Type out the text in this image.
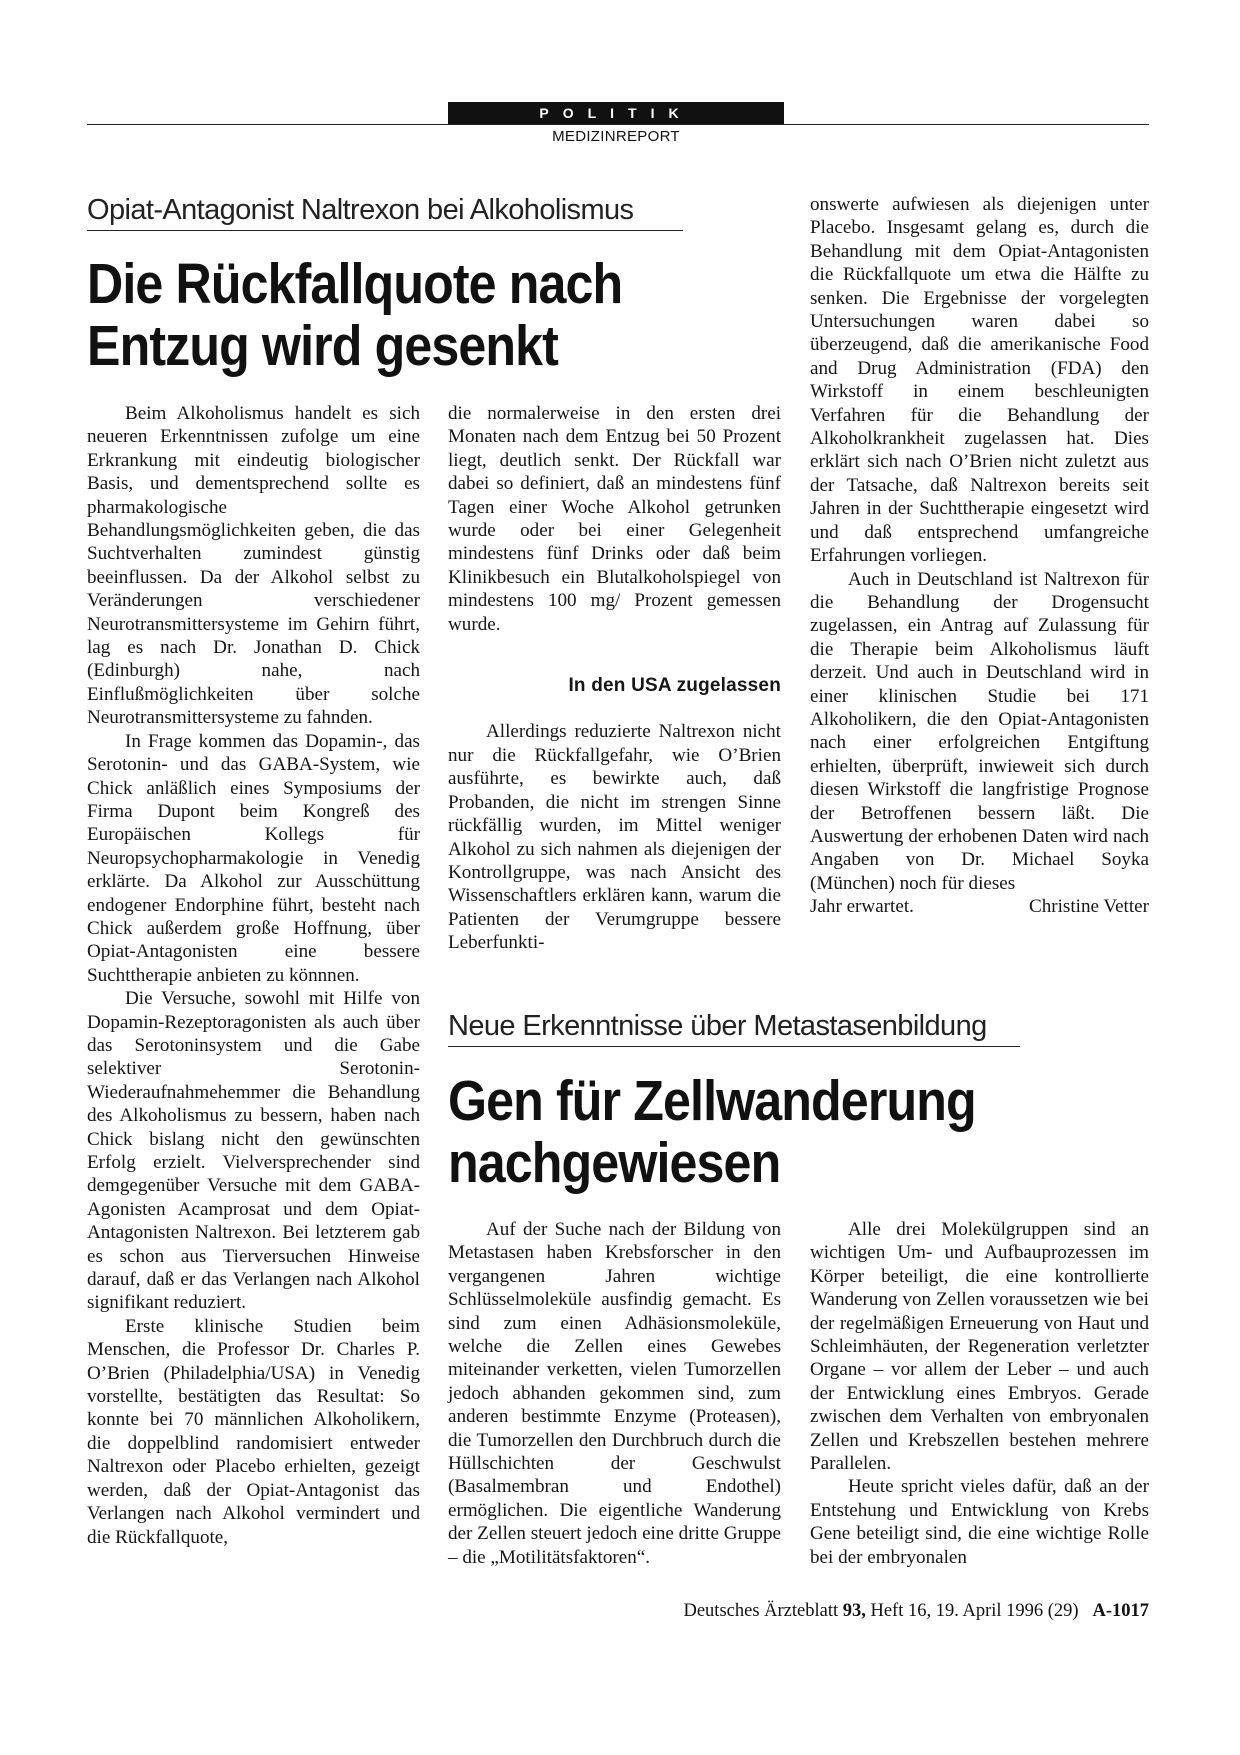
POLITIK
MEDIZINREPORT
Opiat-Antagonist Naltrexon bei Alkoholismus
Die Rückfallquote nach
Entzug wird gesenkt

Beim Alkoholismus handelt es sich neueren Erkenntnissen zufolge um eine Erkrankung mit eindeutig biologischer Basis, und dementsprechend sollte es pharmakologische Behandlungsmöglichkeiten geben, die das Suchtverhalten zumindest günstig beeinflussen. Da der Alkohol selbst zu Veränderungen verschiedener Neurotransmittersysteme im Gehirn führt, lag es nach Dr. Jonathan D. Chick (Edinburgh) nahe, nach Einflußmöglichkeiten über solche Neurotransmittersysteme zu fahnden.

In Frage kommen das Dopamin-, das Serotonin- und das GABA-System, wie Chick anläßlich eines Symposiums der Firma Dupont beim Kongreß des Europäischen Kollegs für Neuropsychopharmakologie in Venedig erklärte. Da Alkohol zur Ausschüttung endogener Endorphine führt, besteht nach Chick außerdem große Hoffnung, über Opiat-Antagonisten eine bessere Suchttherapie anbieten zu könnnen.

Die Versuche, sowohl mit Hilfe von Dopamin-Rezeptoragonisten als auch über das Serotoninsystem und die Gabe selektiver Serotonin-Wiederaufnahmehemmer die Behandlung des Alkoholismus zu bessern, haben nach Chick bislang nicht den gewünschten Erfolg erzielt. Vielversprechender sind demgegenüber Versuche mit dem GABA-Agonisten Acamprosat und dem Opiat-Antagonisten Naltrexon. Bei letzterem gab es schon aus Tierversuchen Hinweise darauf, daß er das Verlangen nach Alkohol signifikant reduziert.

Erste klinische Studien beim Menschen, die Professor Dr. Charles P. O’Brien (Philadelphia/USA) in Venedig vorstellte, bestätigten das Resultat: So konnte bei 70 männlichen Alkoholikern, die doppelblind randomisiert entweder Naltrexon oder Placebo erhielten, gezeigt werden, daß der Opiat-Antagonist das Verlangen nach Alkohol vermindert und die Rückfallquote,

die normalerweise in den ersten drei Monaten nach dem Entzug bei 50 Prozent liegt, deutlich senkt. Der Rückfall war dabei so definiert, daß an mindestens fünf Tagen einer Woche Alkohol getrunken wurde oder bei einer Gelegenheit mindestens fünf Drinks oder daß beim Klinikbesuch ein Blutalkoholspiegel von mindestens 100 mg/ Prozent gemessen wurde.

In den USA zugelassen

Allerdings reduzierte Naltrexon nicht nur die Rückfallgefahr, wie O’Brien ausführte, es bewirkte auch, daß Probanden, die nicht im strengen Sinne rückfällig wurden, im Mittel weniger Alkohol zu sich nahmen als diejenigen der Kontrollgruppe, was nach Ansicht des Wissenschaftlers erklären kann, warum die Patienten der Verumgruppe bessere Leberfunkti-

onswerte aufwiesen als diejenigen unter Placebo. Insgesamt gelang es, durch die Behandlung mit dem Opiat-Antagonisten die Rückfallquote um etwa die Hälfte zu senken. Die Ergebnisse der vorgelegten Untersuchungen waren dabei so überzeugend, daß die amerikanische Food and Drug Administration (FDA) den Wirkstoff in einem beschleunigten Verfahren für die Behandlung der Alkoholkrankheit zugelassen hat. Dies erklärt sich nach O’Brien nicht zuletzt aus der Tatsache, daß Naltrexon bereits seit Jahren in der Suchttherapie eingesetzt wird und daß entsprechend umfangreiche Erfahrungen vorliegen.

Auch in Deutschland ist Naltrexon für die Behandlung der Drogensucht zugelassen, ein Antrag auf Zulassung für die Therapie beim Alkoholismus läuft derzeit. Und auch in Deutschland wird in einer klinischen Studie bei 171 Alkoholikern, die den Opiat-Antagonisten nach einer erfolgreichen Entgiftung erhielten, überprüft, inwieweit sich durch diesen Wirkstoff die langfristige Prognose der Betroffenen bessern läßt. Die Auswertung der erhobenen Daten wird nach Angaben von Dr. Michael Soyka (München) noch für dieses

Jahr erwartet.	Christine Vetter
Neue Erkenntnisse über Metastasenbildung
Gen für Zellwanderung
nachgewiesen

Auf der Suche nach der Bildung von Metastasen haben Krebsforscher in den vergangenen Jahren wichtige Schlüsselmoleküle ausfindig gemacht. Es sind zum einen Adhäsionsmoleküle, welche die Zellen eines Gewebes miteinander verketten, vielen Tumorzellen jedoch abhanden gekommen sind, zum anderen bestimmte Enzyme (Proteasen), die Tumorzellen den Durchbruch durch die Hüllschichten der Geschwulst (Basalmembran und Endothel) ermöglichen. Die eigentliche Wanderung der Zellen steuert jedoch eine dritte Gruppe – die „Motilitätsfaktoren“.

Alle drei Molekülgruppen sind an wichtigen Um- und Aufbauprozessen im Körper beteiligt, die eine kontrollierte Wanderung von Zellen voraussetzen wie bei der regelmäßigen Erneuerung von Haut und Schleimhäuten, der Regeneration verletzter Organe – vor allem der Leber – und auch der Entwicklung eines Embryos. Gerade zwischen dem Verhalten von embryonalen Zellen und Krebszellen bestehen mehrere Parallelen.

Heute spricht vieles dafür, daß an der Entstehung und Entwicklung von Krebs Gene beteiligt sind, die eine wichtige Rolle bei der embryonalen

Deutsches Ärzteblatt 93, Heft 16, 19. April 1996 (29) A-1017
